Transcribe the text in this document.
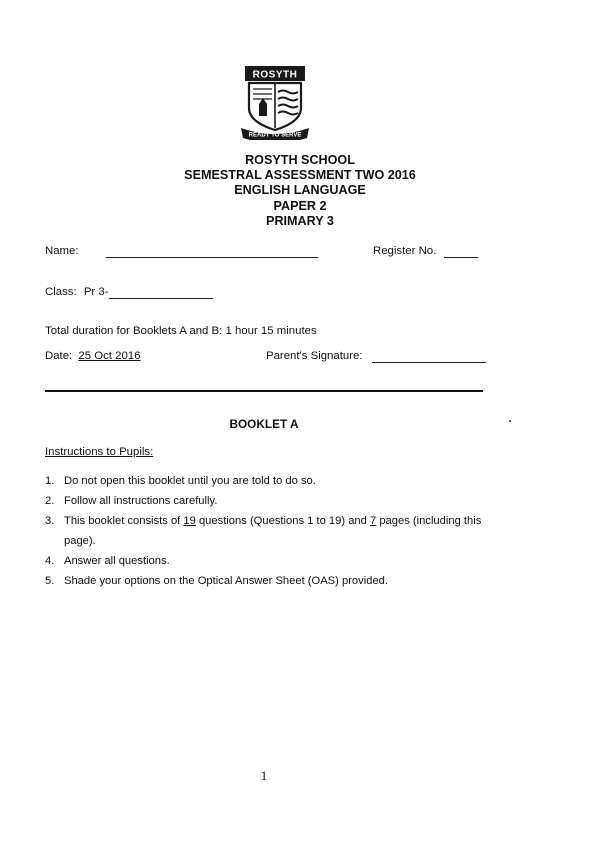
ROSYTH
READY TO SERVE
ROSYTH SCHOOL
SEMESTRAL ASSESSMENT TWO 2016
ENGLISH LANGUAGE
PAPER 2
PRIMARY 3
Name:	Register No.
Class: Pr 3-
Total duration for Booklets A and B: 1 hour 15 minutes
Date: 25 Oct 2016	Parent's Signature:
BOOKLET A
Instructions to Pupils:
1. Do not open this booklet until you are told to do so.
2. Follow all instructions carefully.
3. This booklet consists of 19 questions (Questions 1 to 19) and 7 pages (including this page).
4. Answer all questions.
5. Shade your options on the Optical Answer Sheet (OAS) provided.
1
